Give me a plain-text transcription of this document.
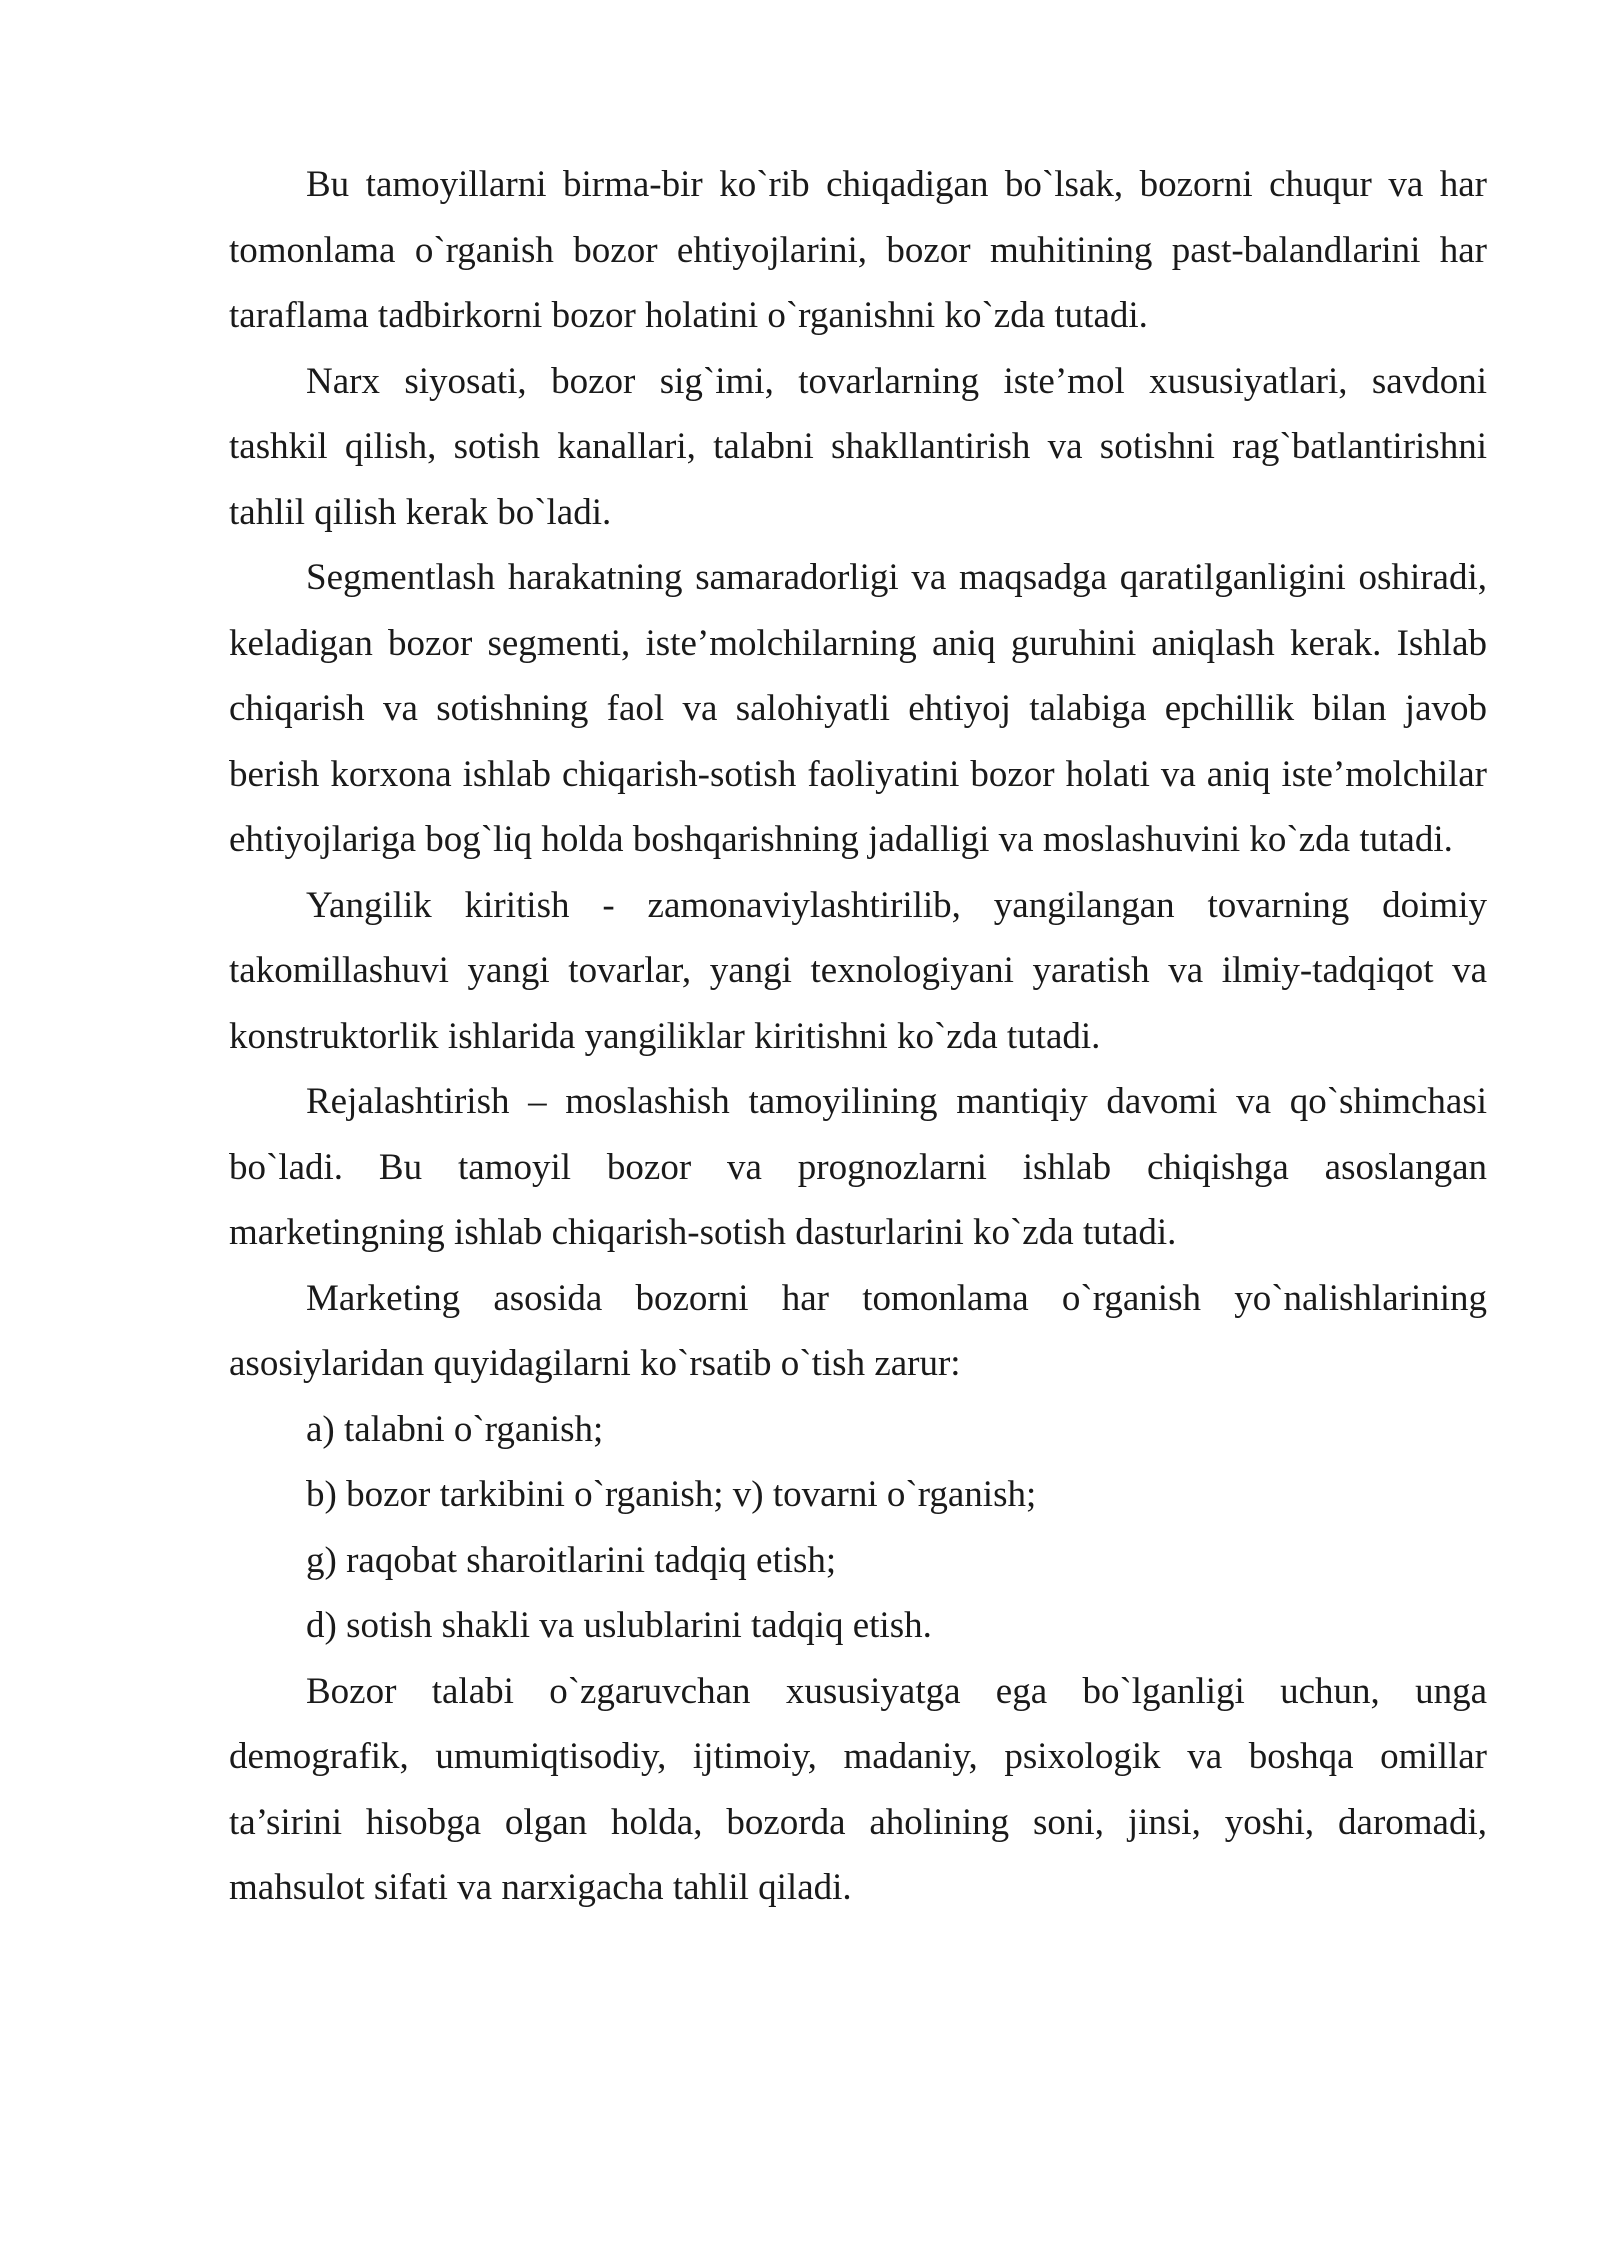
Bu tamoyillarni birma-bir ko`rib chiqadigan bo`lsak, bozorni chuqur va har tomonlama o`rganish bozor ehtiyojlarini, bozor muhitining past-balandlarini har taraflama tadbirkorni bozor holatini o`rganishni ko`zda tutadi.

Narx siyosati, bozor sig`imi, tovarlarning iste’mol xususiyatlari, savdoni tashkil qilish, sotish kanallari, talabni shakllantirish va sotishni rag`batlantirishni tahlil qilish kerak bo`ladi.

Segmentlash harakatning samaradorligi va maqsadga qaratilganligini oshiradi, keladigan bozor segmenti, iste’molchilarning aniq guruhini aniqlash kerak. Ishlab chiqarish va sotishning faol va salohiyatli ehtiyoj talabiga epchillik bilan javob berish korxona ishlab chiqarish-sotish faoliyatini bozor holati va aniq iste’molchilar ehtiyojlariga bog`liq holda boshqarishning jadalligi va moslashuvini ko`zda tutadi.

Yangilik kiritish - zamonaviylashtirilib, yangilangan tovarning doimiy takomillashuvi yangi tovarlar, yangi texnologiyani yaratish va ilmiy-tadqiqot va konstruktorlik ishlarida yangiliklar kiritishni ko`zda tutadi.

Rejalashtirish – moslashish tamoyilining mantiqiy davomi va qo`shimchasi bo`ladi. Bu tamoyil bozor va prognozlarni ishlab chiqishga asoslangan marketingning ishlab chiqarish-sotish dasturlarini ko`zda tutadi.

Marketing asosida bozorni har tomonlama o`rganish yo`nalishlarining asosiylaridan quyidagilarni ko`rsatib o`tish zarur:

a) talabni o`rganish;

b) bozor tarkibini o`rganish; v) tovarni o`rganish;

g) raqobat sharoitlarini tadqiq etish;

d) sotish shakli va uslublarini tadqiq etish.

Bozor talabi o`zgaruvchan xususiyatga ega bo`lganligi uchun, unga demografik, umumiqtisodiy, ijtimoiy, madaniy, psixologik va boshqa omillar ta’sirini hisobga olgan holda, bozorda aholining soni, jinsi, yoshi, daromadi, mahsulot sifati va narxigacha tahlil qiladi.
